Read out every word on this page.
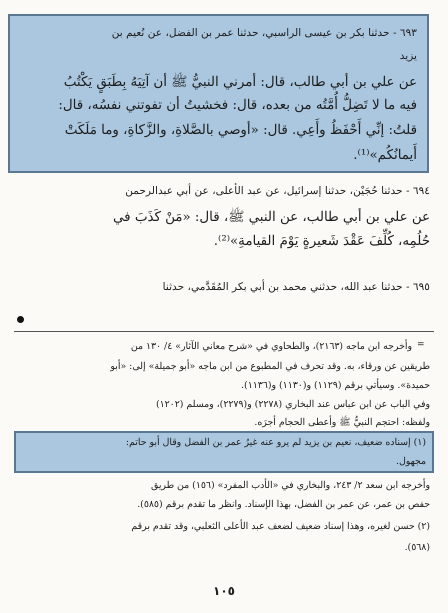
٦٩٣ - حدثنا بكر بن عيسى الراسبي، حدثنا عمر بن الفضل، عن نُعيم بن
يزيد
عن علي بن أبي طالب، قال: أمرني النبيُّ ﷺ أن آتِيَهُ بِطَبَقٍ يَكْتُبُ
فيه ما لا تَضِلُّ أُمَّتُه من بعده، قال: فخشيتُ أن تفوتني نفسُه، قال:
قلتُ: إنِّي أَحْفَظُ وأَعِي. قال: «أوصي بالصَّلاةِ، والزَّكاةِ، وما مَلَكَتْ
أَيمانُكُم»⁽¹⁾.
٦٩٤ - حدثنا حُجَيْن، حدثنا إسرائيل، عن عبد الأعلى، عن أبي عبدالرحمن
عن علي بن أبي طالب، عن النبي ﷺ، قال: «مَنْ كَذَبَ في
حُلُمِه، كُلِّفَ عَقْدَ شَعيرةٍ يَوْمَ القيامةِ»⁽²⁾.
٦٩٥ - حدثنا عبد الله، حدثني محمد بن أبي بكر المُقَدَّمي، حدثنا
=
وأخرجه ابن ماجه (٢١٦٣)، والطحاوي في «شرح معاني الآثار» ٤/ ١٣٠ من
طريقين عن ورقاء، به. وقد تحرف في المطبوع من ابن ماجه «أبو جميلة» إلى: «أبو
حميدة». وسيأتي برقم (١١٢٩) و(١١٣٠) و(١١٣٦).
وفي الباب عن ابن عباس عند البخاري (٢٢٧٨) و(٢٢٧٩)، ومسلم (١٢٠٢)
ولفظه: احتجم النبيُّ ﷺ وأعطى الحجام أجرَه.
(١) إسناده ضعيف، نعيم بن يزيد لم يرو عنه غيرُ عمر بن الفضل وقال أبو حاتم:
مجهول.
وأخرجه ابن سعد ٢/ ٢٤٣، والبخاري في «الأدب المفرد» (١٥٦) من طريق
حفص بن عمر، عن عمر بن الفضل، بهذا الإسناد. وانظر ما تقدم برقم (٥٨٥).
(٢) حسن لغيره، وهذا إسناد ضعيف لضعف عبد الأعلى الثعلبي، وقد تقدم برقم
(٥٦٨).
١٠٥
